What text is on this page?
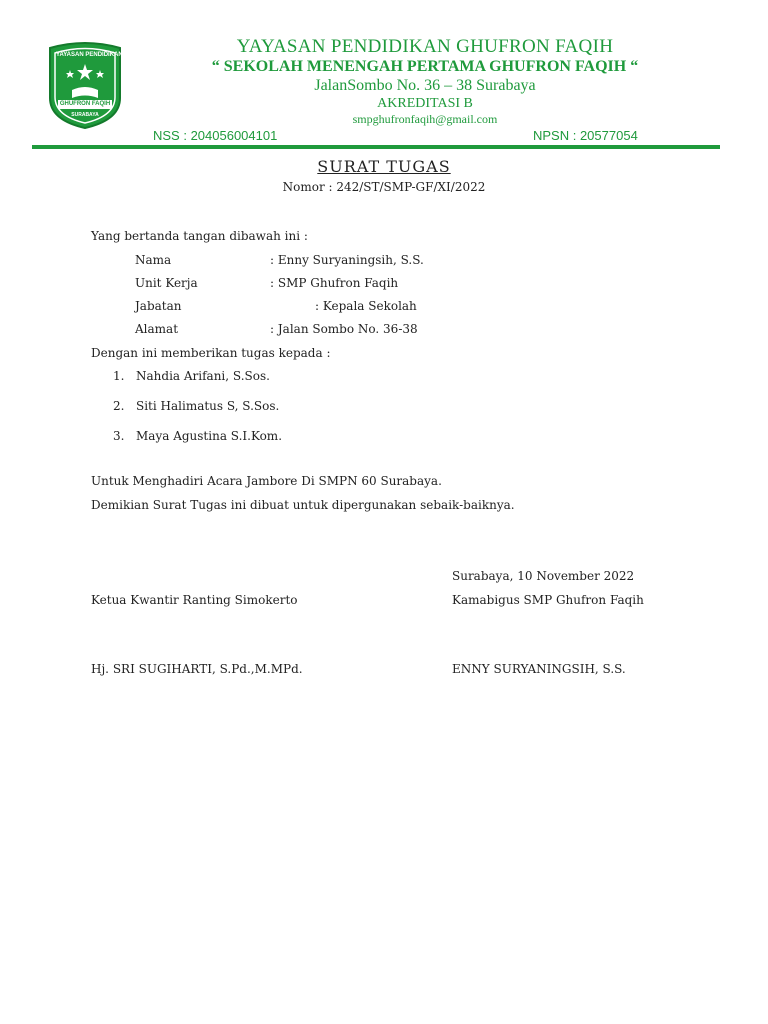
YAYASAN PENDIDIKAN
GHUFRON FAQIH
SURABAYA
YAYASAN PENDIDIKAN GHUFRON FAQIH
“ SEKOLAH MENENGAH PERTAMA GHUFRON FAQIH “
JalanSombo No. 36 – 38 Surabaya
AKREDITASI B
smpghufronfaqih@gmail.com
NSS : 204056004101	NPSN : 20577054
SURAT TUGAS
Nomor : 242/ST/SMP-GF/XI/2022
Yang bertanda tangan dibawah ini :
Nama	: Enny Suryaningsih, S.S.
Unit Kerja	: SMP Ghufron Faqih
Jabatan	: Kepala Sekolah
Alamat	: Jalan Sombo No. 36-38
Dengan ini memberikan tugas kepada :
1. Nahdia Arifani, S.Sos.
2. Siti Halimatus S, S.Sos.
3. Maya Agustina S.I.Kom.
Untuk Menghadiri Acara Jambore Di SMPN 60 Surabaya.
Demikian Surat Tugas ini dibuat untuk dipergunakan sebaik-baiknya.
Surabaya, 10 November 2022
Ketua Kwantir Ranting Simokerto	Kamabigus SMP Ghufron Faqih
Hj. SRI SUGIHARTI, S.Pd.,M.MPd.	ENNY SURYANINGSIH, S.S.
